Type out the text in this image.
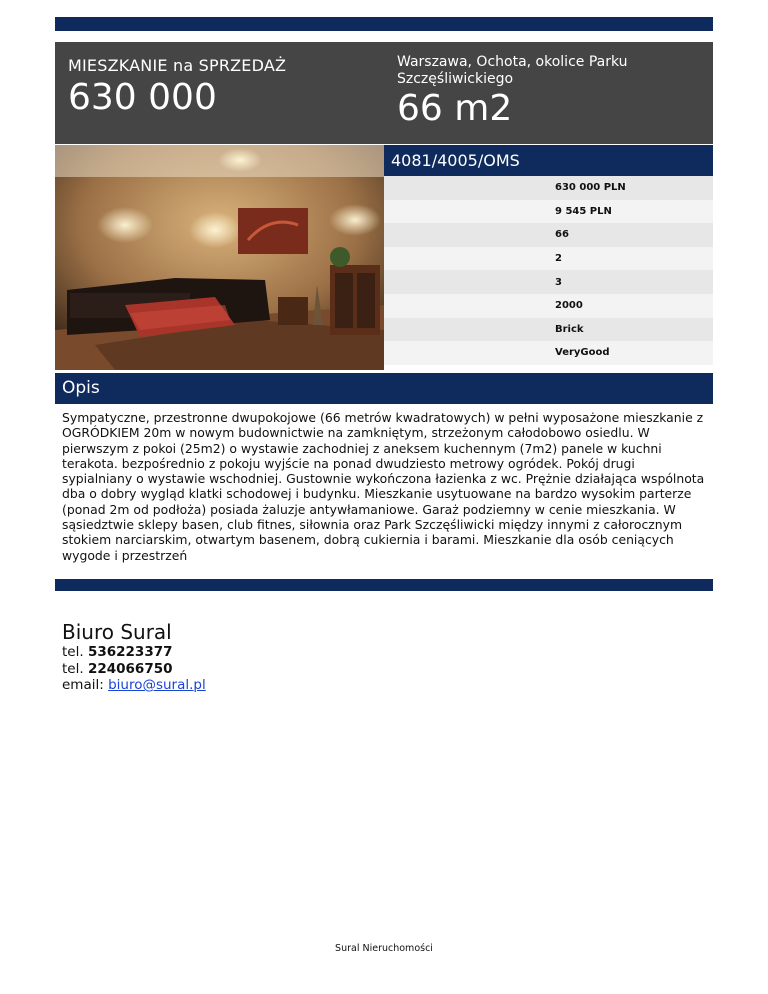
MIESZKANIE na SPRZEDAŻ
630 000
Warszawa, Ochota, okolice Parku Szczęśliwickiego
66 m2
4081/4005/OMS
630 000 PLN
9 545 PLN
66
2
3
2000
Brick
VeryGood
Opis
Sympatyczne, przestronne dwupokojowe (66 metrów kwadratowych) w pełni wyposażone mieszkanie z OGRÓDKIEM 20m w nowym budownictwie na zamkniętym, strzeżonym całodobowo osiedlu. W pierwszym z pokoi (25m2) o wystawie zachodniej z aneksem kuchennym (7m2) panele w kuchni terakota. bezpośrednio z pokoju wyjście na ponad dwudziesto metrowy ogródek. Pokój drugi sypialniany o wystawie wschodniej. Gustownie wykończona łazienka z wc. Prężnie działająca wspólnota dba o dobry wygląd klatki schodowej i budynku. Mieszkanie usytuowane na bardzo wysokim parterze (ponad 2m od podłoża) posiada żaluzje antywłamaniowe. Garaż podziemny w cenie mieszkania. W sąsiedztwie sklepy basen, club fitnes, siłownia oraz Park Szczęśliwicki między innymi z całorocznym stokiem narciarskim, otwartym basenem, dobrą cukiernia i barami. Mieszkanie dla osób ceniących wygode i przestrzeń
Biuro Sural
tel. 536223377
tel. 224066750
email: biuro@sural.pl
Sural Nieruchomości
